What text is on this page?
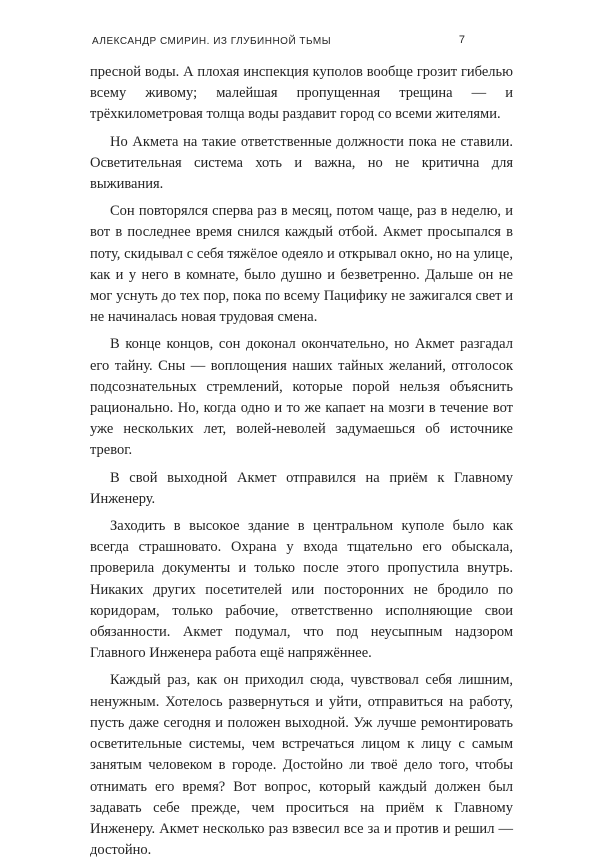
АЛЕКСАНДР СМИРИН. ИЗ ГЛУБИННОЙ ТЬМЫ	7

пресной воды. А плохая инспекция куполов вообще грозит гибелью всему живому; малейшая пропущенная трещина — и трёхкилометровая толща воды раздавит город со всеми жителями.

Но Акмета на такие ответственные должности пока не ставили. Осветительная система хоть и важна, но не критична для выживания.

Сон повторялся сперва раз в месяц, потом чаще, раз в неделю, и вот в последнее время снился каждый отбой. Акмет просыпался в поту, скидывал с себя тяжёлое одеяло и открывал окно, но на улице, как и у него в комнате, было душно и безветренно. Дальше он не мог уснуть до тех пор, пока по всему Пацифику не зажигался свет и не начиналась новая трудовая смена.

В конце концов, сон доконал окончательно, но Акмет разгадал его тайну. Сны — воплощения наших тайных желаний, отголосок подсознательных стремлений, которые порой нельзя объяснить рационально. Но, когда одно и то же капает на мозги в течение вот уже нескольких лет, волей-неволей задумаешься об источнике тревог.

В свой выходной Акмет отправился на приём к Главному Инженеру.

Заходить в высокое здание в центральном куполе было как всегда страшновато. Охрана у входа тщательно его обыскала, проверила документы и только после этого пропустила внутрь. Никаких других посетителей или посторонних не бродило по коридорам, только рабочие, ответственно исполняющие свои обязанности. Акмет подумал, что под неусыпным надзором Главного Инженера работа ещё напряжённее.

Каждый раз, как он приходил сюда, чувствовал себя лишним, ненужным. Хотелось развернуться и уйти, отправиться на работу, пусть даже сегодня и положен выходной. Уж лучше ремонтировать осветительные системы, чем встречаться лицом к лицу с самым занятым человеком в городе. Достойно ли твоё дело того, чтобы отнимать его время? Вот вопрос, который каждый должен был задавать себе прежде, чем проситься на приём к Главному Инженеру. Акмет несколько раз взвесил все за и против и решил — достойно.
